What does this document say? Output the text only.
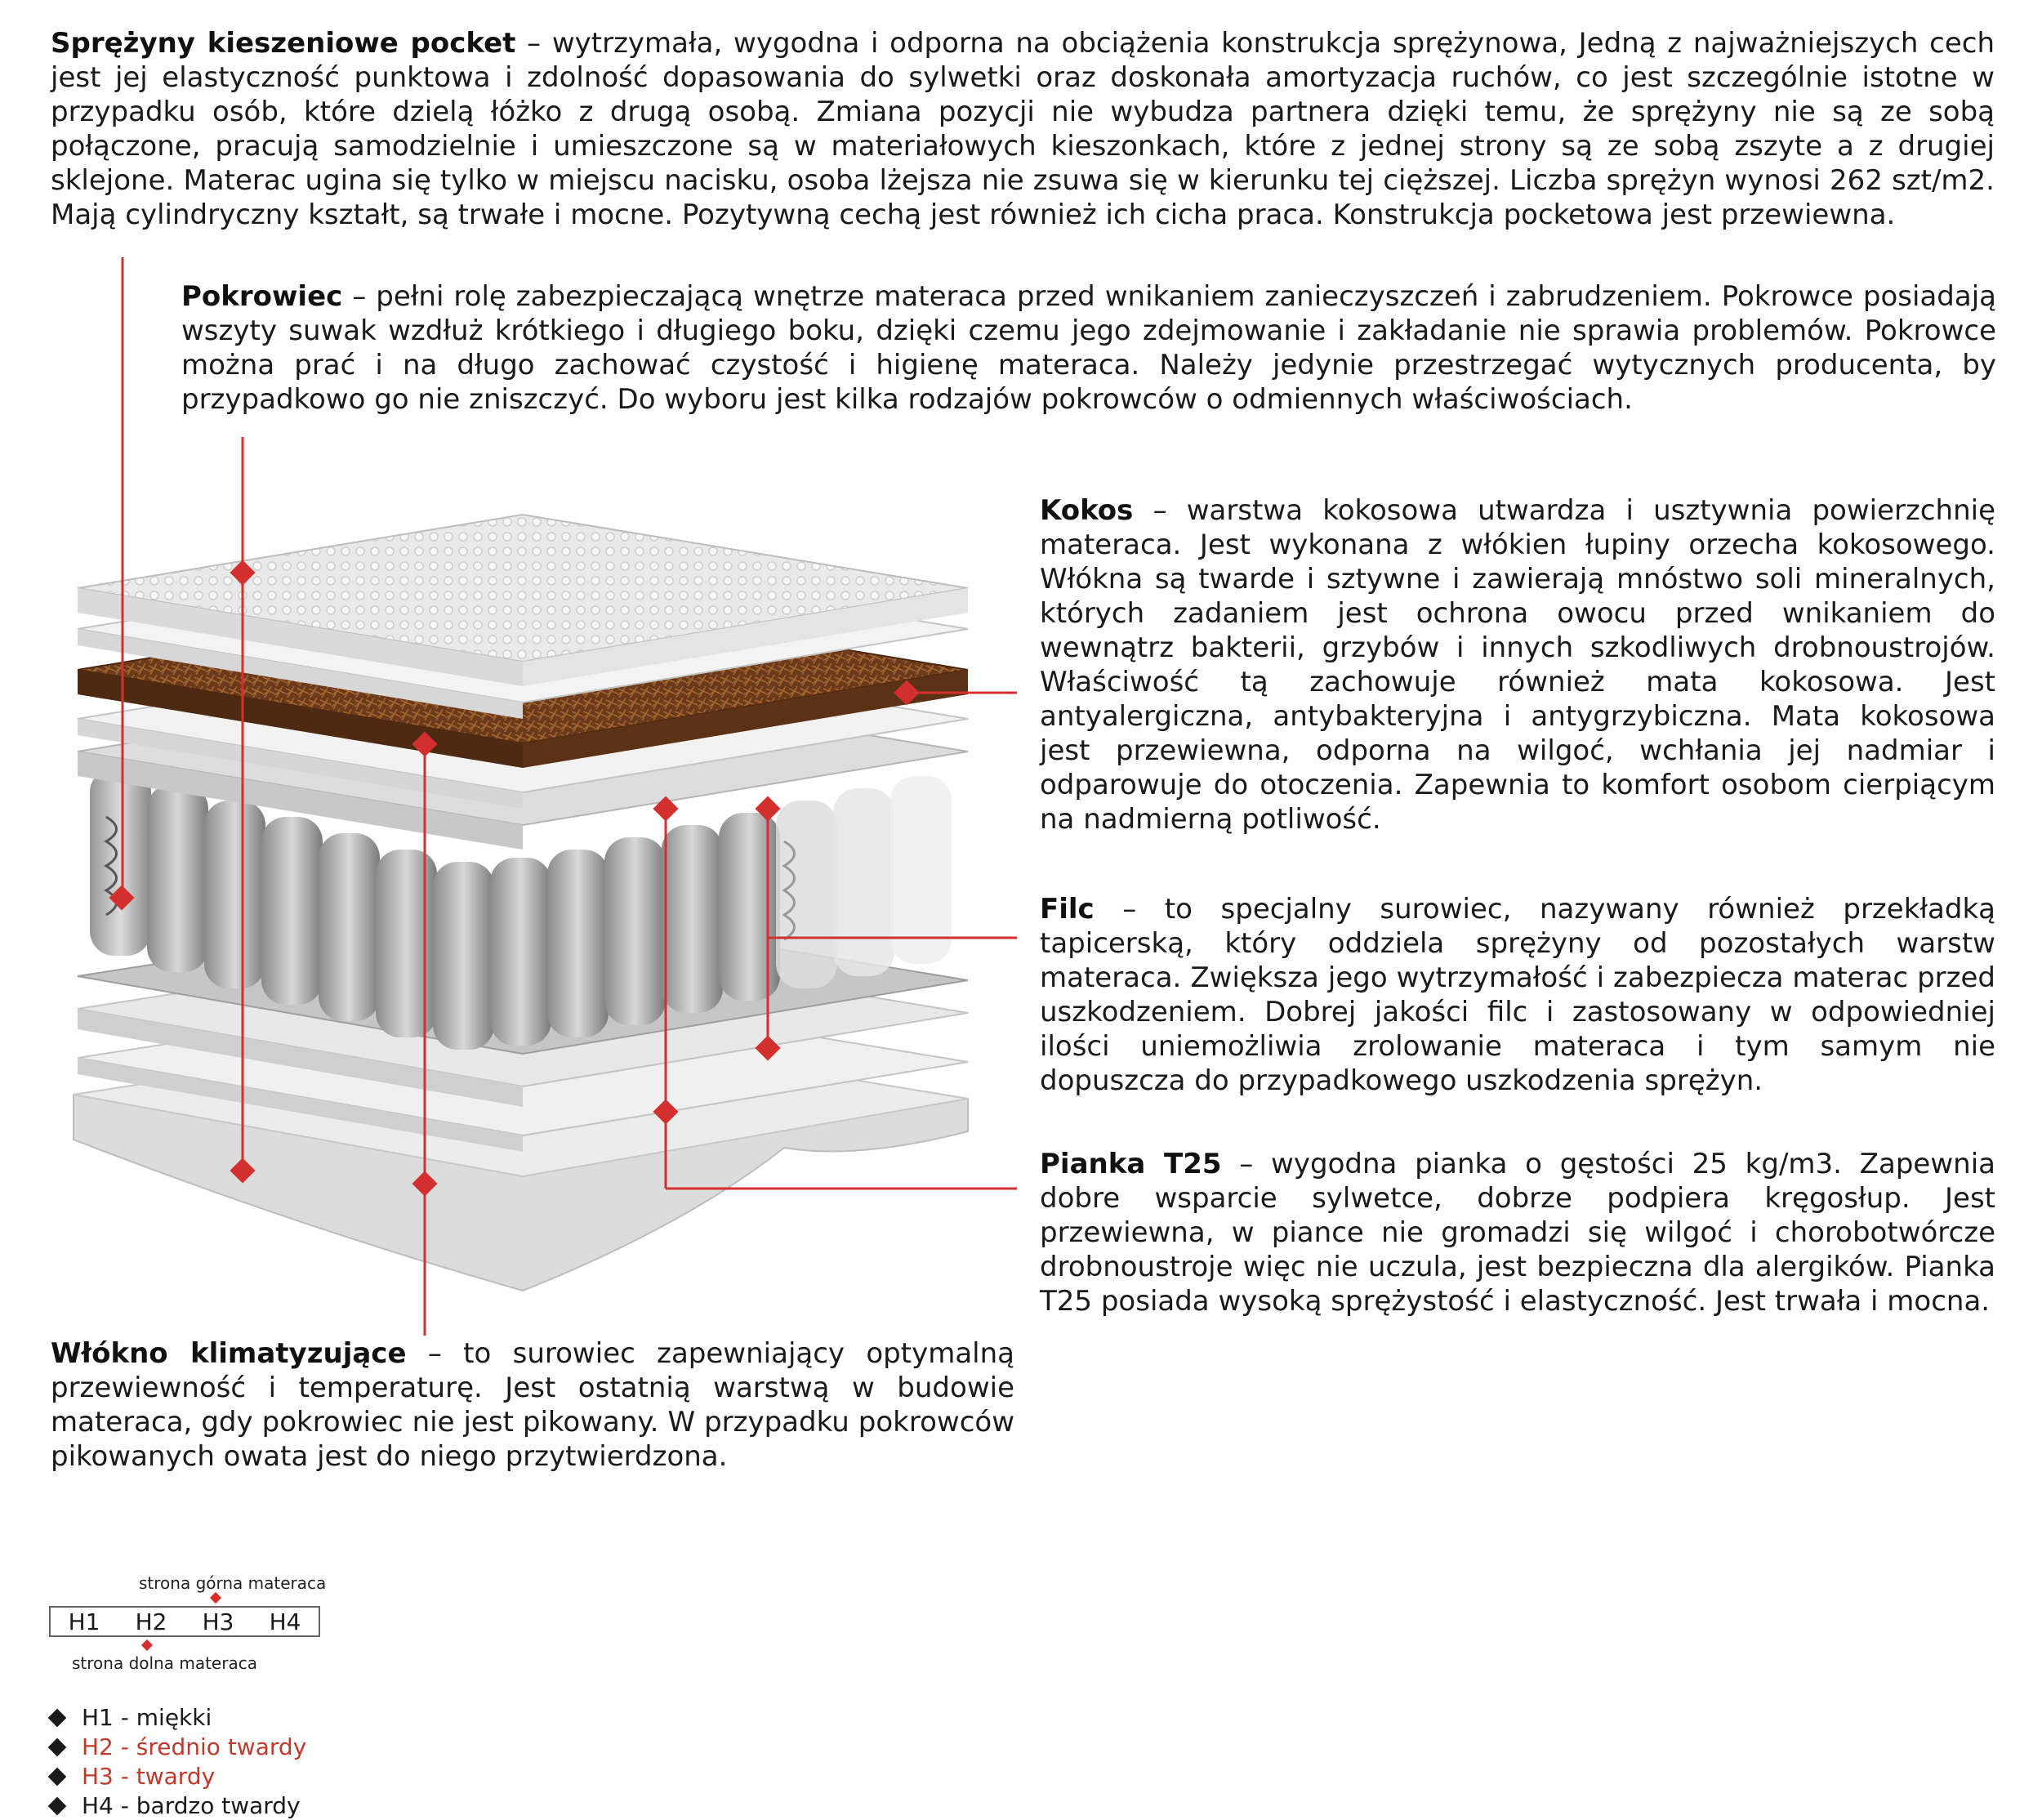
Sprężyny kieszeniowe pocket – wytrzymała, wygodna i odporna na obciążenia konstrukcja sprężynowa, Jedną z najważniejszych cech jest jej elastyczność punktowa i zdolność dopasowania do sylwetki oraz doskonała amortyzacja ruchów, co jest szczególnie istotne w przypadku osób, które dzielą łóżko z drugą osobą. Zmiana pozycji nie wybudza partnera dzięki temu, że sprężyny nie są ze sobą połączone, pracują samodzielnie i umieszczone są w materiałowych kieszonkach, które z jednej strony są ze sobą zszyte a z drugiej sklejone. Materac ugina się tylko w miejscu nacisku, osoba lżejsza nie zsuwa się w kierunku tej cięższej. Liczba sprężyn wynosi 262 szt/m2. Mają cylindryczny kształt, są trwałe i mocne. Pozytywną cechą jest również ich cicha praca. Konstrukcja pocketowa jest przewiewna.
Pokrowiec – pełni rolę zabezpieczającą wnętrze materaca przed wnikaniem zanieczyszczeń i zabrudzeniem. Pokrowce posiadają wszyty suwak wzdłuż krótkiego i długiego boku, dzięki czemu jego zdejmowanie i zakładanie nie sprawia problemów. Pokrowce można prać i na długo zachować czystość i higienę materaca. Należy jedynie przestrzegać wytycznych producenta, by przypadkowo go nie zniszczyć. Do wyboru jest kilka rodzajów pokrowców o odmiennych właściwościach.
Kokos – warstwa kokosowa utwardza i usztywnia powierzchnię materaca. Jest wykonana z włókien łupiny orzecha kokosowego. Włókna są twarde i sztywne i zawierają mnóstwo soli mineralnych, których zadaniem jest ochrona owocu przed wnikaniem do wewnątrz bakterii, grzybów i innych szkodliwych drobnoustrojów. Właściwość tą zachowuje również mata kokosowa. Jest antyalergiczna, antybakteryjna i antygrzybiczna. Mata kokosowa jest przewiewna, odporna na wilgoć, wchłania jej nadmiar i odparowuje do otoczenia. Zapewnia to komfort osobom cierpiącym na nadmierną potliwość.
Filc – to specjalny surowiec, nazywany również przekładką tapicerską, który oddziela sprężyny od pozostałych warstw materaca. Zwiększa jego wytrzymałość i zabezpiecza materac przed uszkodzeniem. Dobrej jakości filc i zastosowany w odpowiedniej ilości uniemożliwia zrolowanie materaca i tym samym nie dopuszcza do przypadkowego uszkodzenia sprężyn.
Pianka T25 – wygodna pianka o gęstości 25 kg/m3. Zapewnia dobre wsparcie sylwetce, dobrze podpiera kręgosłup. Jest przewiewna, w piance nie gromadzi się wilgoć i chorobotwórcze drobnoustroje więc nie uczula, jest bezpieczna dla alergików. Pianka T25 posiada wysoką sprężystość i elastyczność. Jest trwała i mocna.
Włókno klimatyzujące – to surowiec zapewniający optymalną przewiewność i temperaturę. Jest ostatnią warstwą w budowie materaca, gdy pokrowiec nie jest pikowany. W przypadku pokrowców pikowanych owata jest do niego przytwierdzona.
strona górna materaca
H1 H2 H3 H4
strona dolna materaca
H1 - miękki
H2 - średnio twardy
H3 - twardy
H4 - bardzo twardy
